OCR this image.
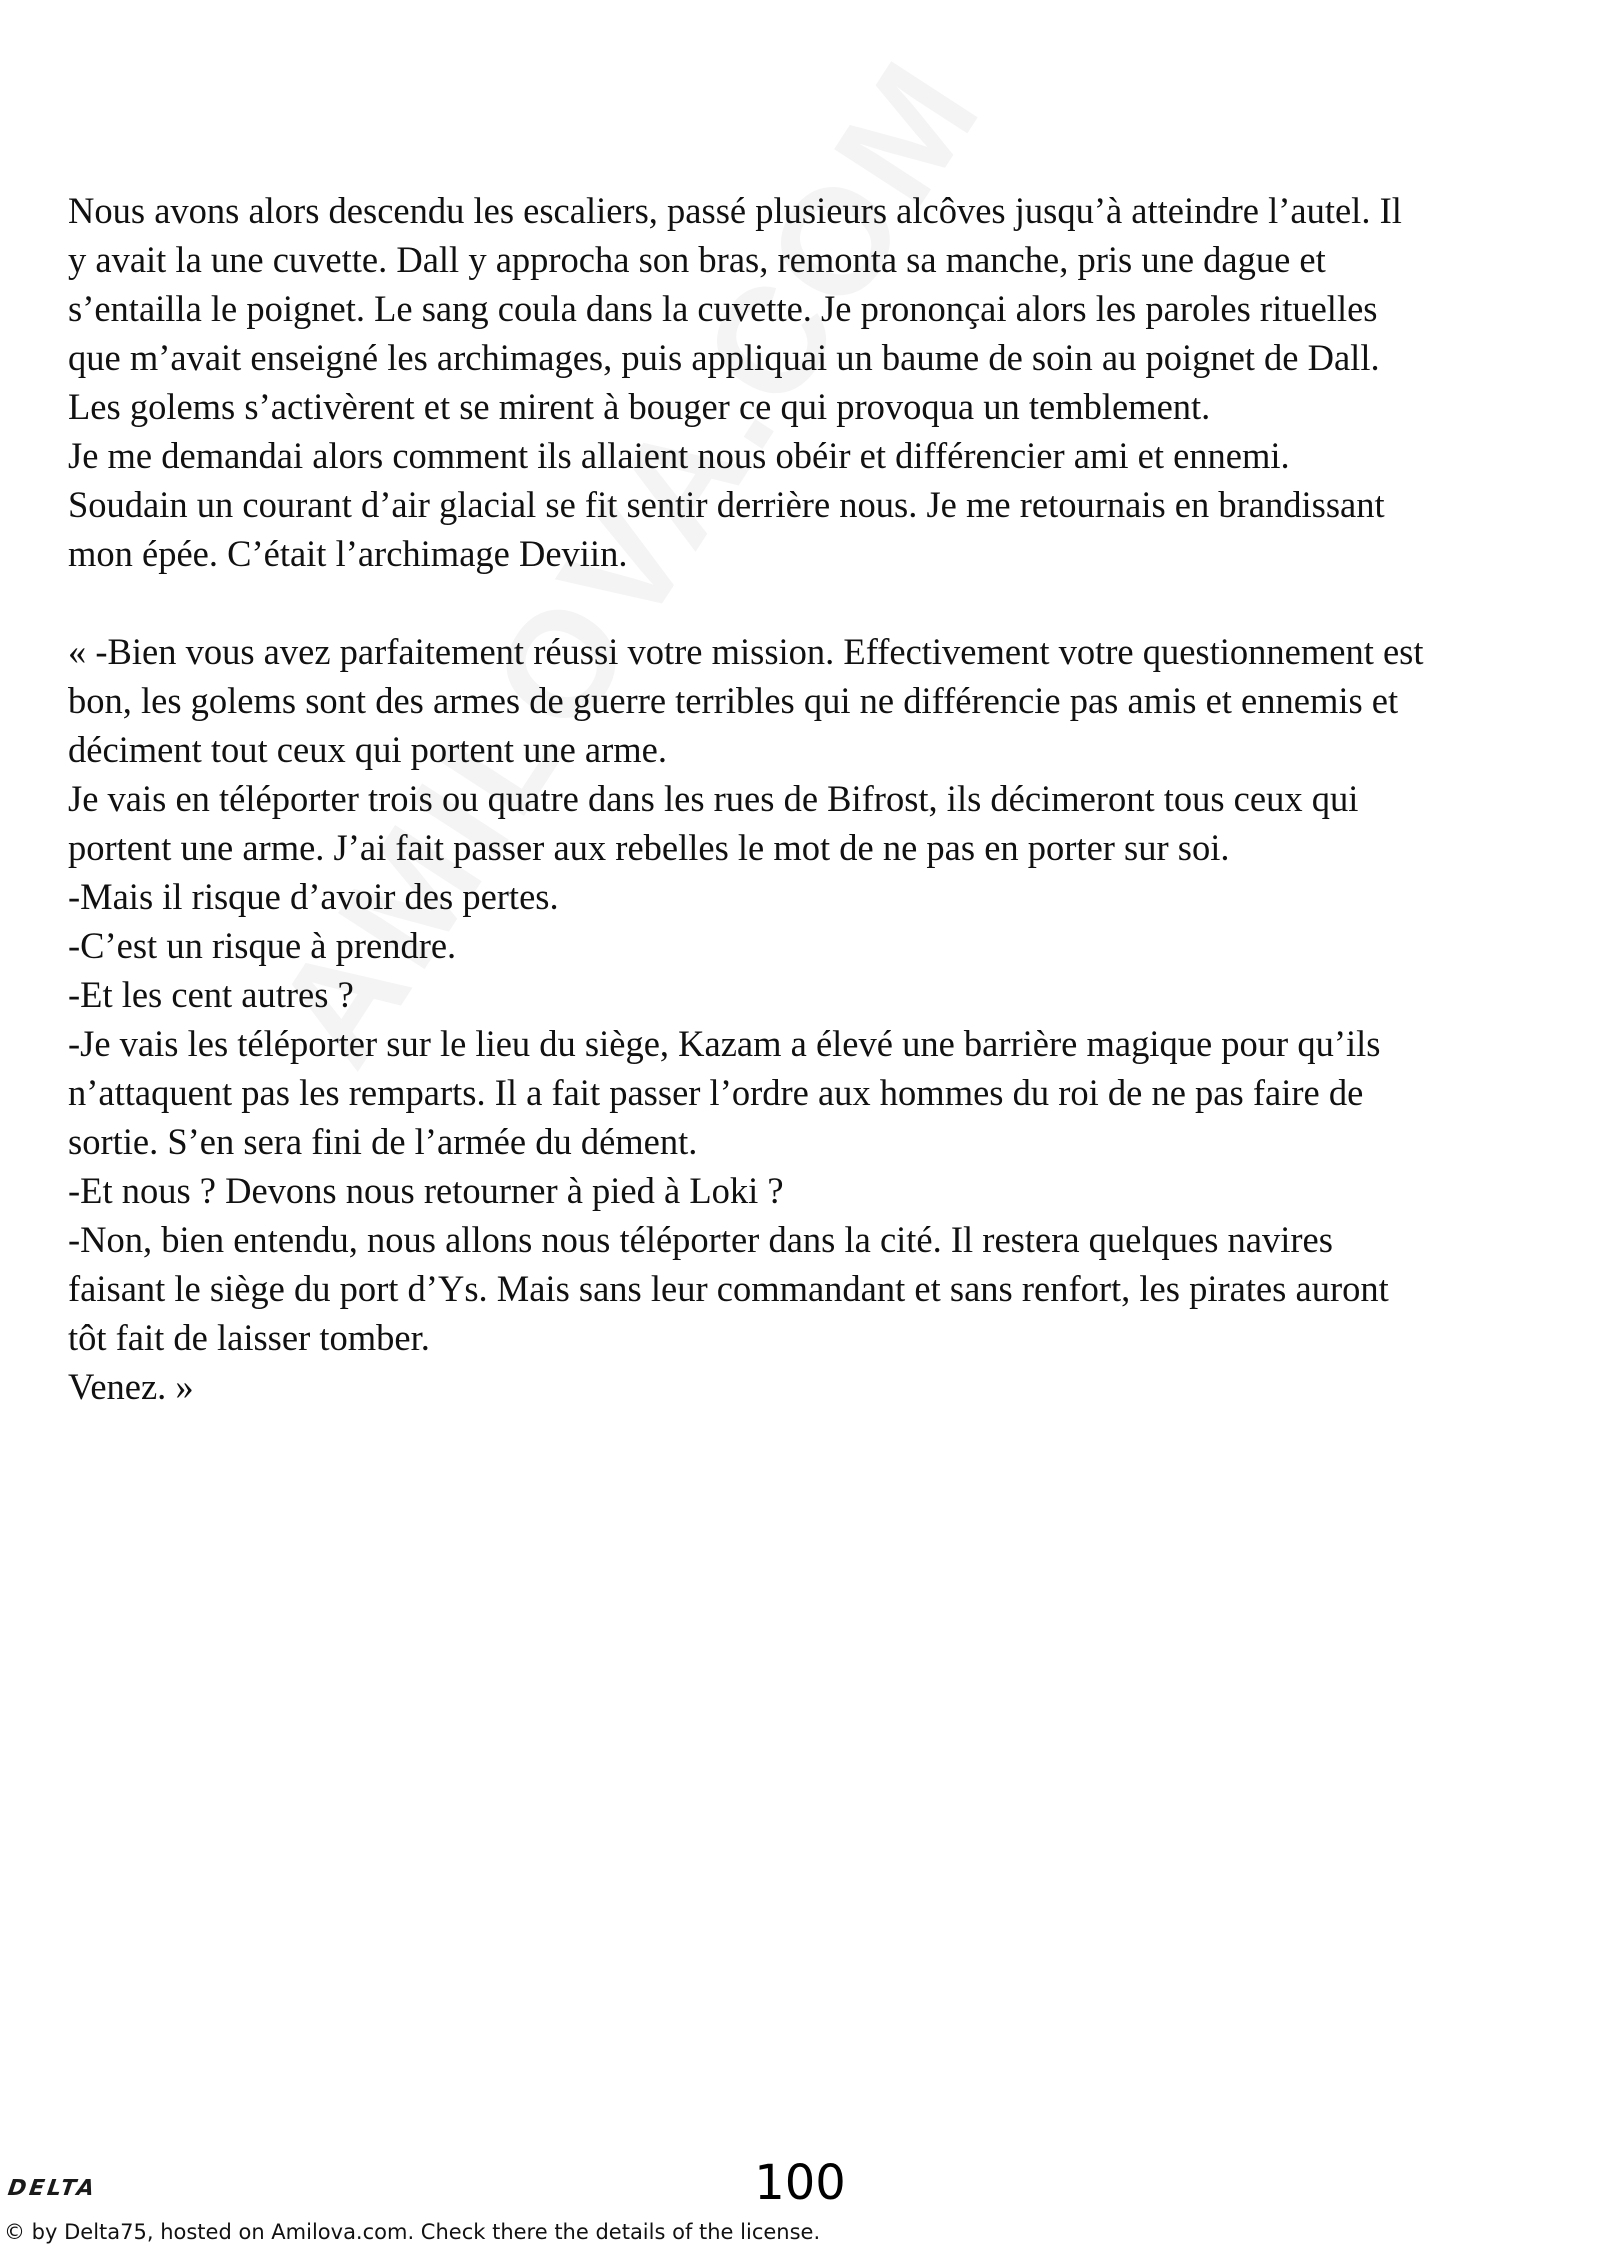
Nous avons alors descendu les escaliers, passé plusieurs alcôves jusqu’à atteindre l’autel. Il
y avait la une cuvette. Dall y approcha son bras, remonta sa manche, pris une dague et
s’entailla le poignet. Le sang coula dans la cuvette. Je prononçai alors les paroles rituelles
que m’avait enseigné les archimages, puis appliquai un baume de soin au poignet de Dall.
Les golems s’activèrent et se mirent à bouger ce qui provoqua un temblement.
Je me demandai alors comment ils allaient nous obéir et différencier ami et ennemi.
Soudain un courant d’air glacial se fit sentir derrière nous. Je me retournais en brandissant
mon épée. C’était l’archimage Deviin.
« -Bien vous avez parfaitement réussi votre mission. Effectivement votre questionnement est
bon, les golems sont des armes de guerre terribles qui ne différencie pas amis et ennemis et
déciment tout ceux qui portent une arme.
Je vais en téléporter trois ou quatre dans les rues de Bifrost, ils décimeront tous ceux qui
portent une arme. J’ai fait passer aux rebelles le mot de ne pas en porter sur soi.
-Mais il risque d’avoir des pertes.
-C’est un risque à prendre.
-Et les cent autres ?
-Je vais les téléporter sur le lieu du siège, Kazam a élevé une barrière magique pour qu’ils
n’attaquent pas les remparts. Il a fait passer l’ordre aux hommes du roi de ne pas faire de
sortie. S’en sera fini de l’armée du dément.
-Et nous ? Devons nous retourner à pied à Loki ?
-Non, bien entendu, nous allons nous téléporter dans la cité. Il restera quelques navires
faisant le siège du port d’Ys. Mais sans leur commandant et sans renfort, les pirates auront
tôt fait de laisser tomber.
Venez. »
DELTA	100
© by Delta75, hosted on Amilova.com. Check there the details of the license.
